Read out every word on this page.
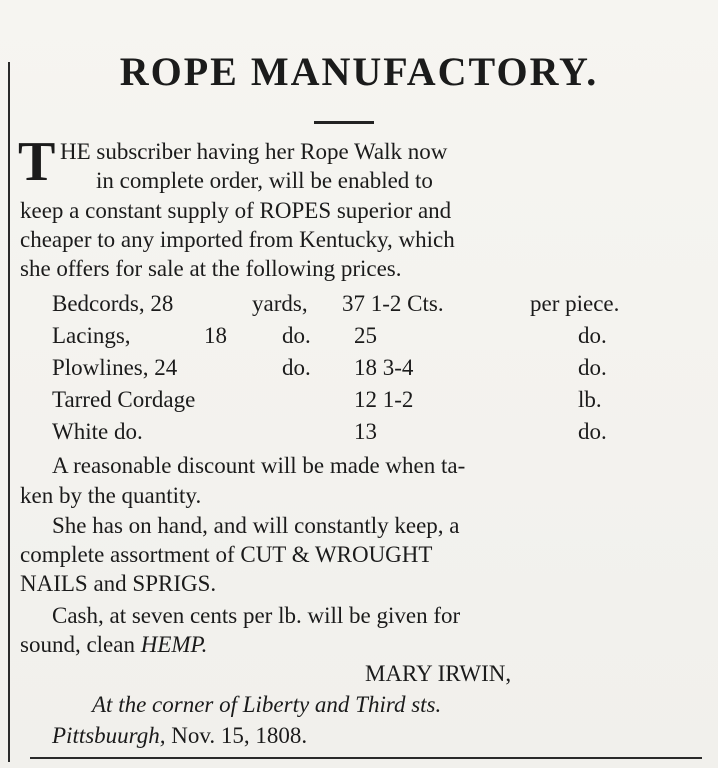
ROPE MANUFACTORY.
T HE subscriber having her Rope Walk now
in complete order, will be enabled to
keep a constant supply of ROPES superior and
cheaper to any imported from Kentucky, which
she offers for sale at the following prices.
Bedcords, 28	yards, 37 1-2 Cts.	per piece.
Lacings,	18 do. 25	do.
Plowlines, 24	do. 18 3-4	do.
Tarred Cordage	12 1-2	lb.
White do.	13	do.
A reasonable discount will be made when ta-
ken by the quantity.
She has on hand, and will constantly keep, a
complete assortment of CUT & WROUGHT
NAILS and SPRIGS.
Cash, at seven cents per lb. will be given for
sound, clean HEMP.
MARY IRWIN,
At the corner of Liberty and Third sts.
Pittsbuurgh, Nov. 15, 1808.
